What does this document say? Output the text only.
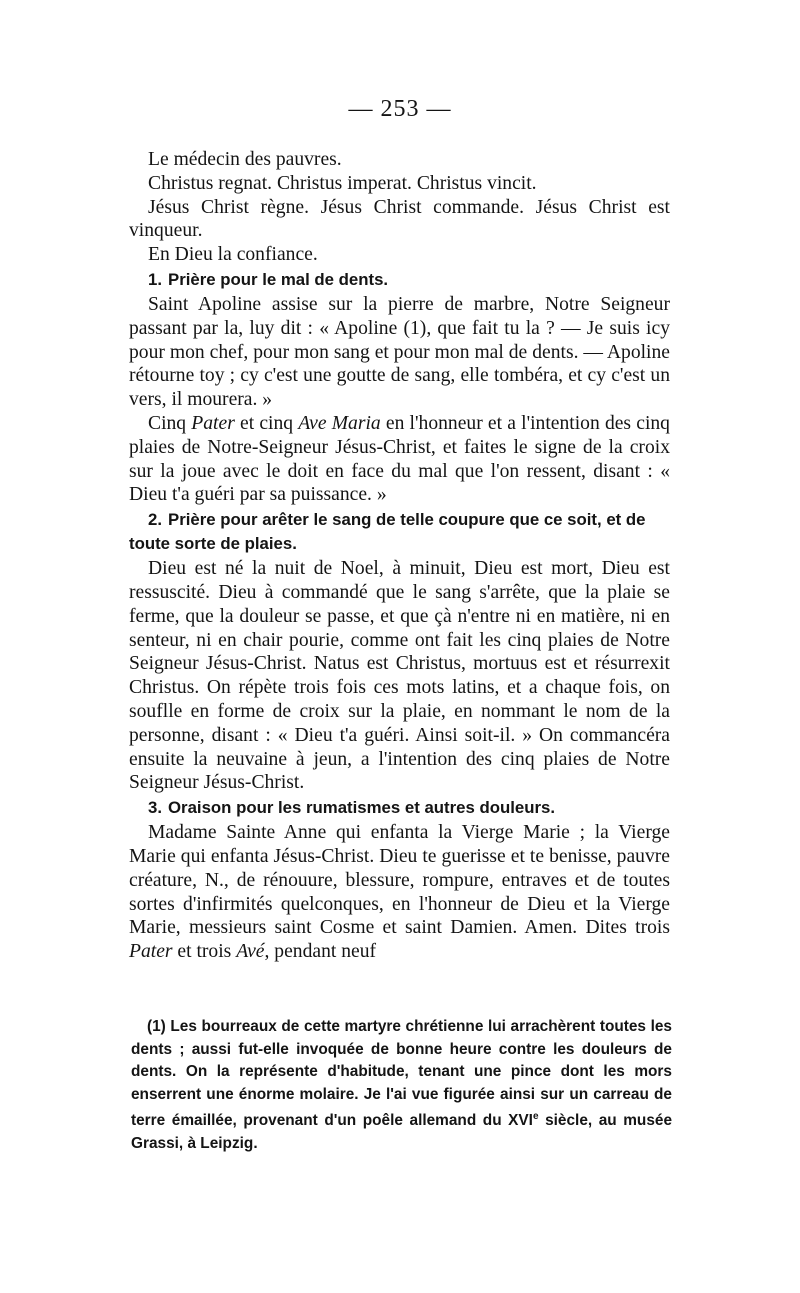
— 253 —

Le médecin des pauvres.

Christus regnat. Christus imperat. Christus vincit.

Jésus Christ règne. Jésus Christ commande. Jésus Christ est vinqueur.

En Dieu la confiance.

1. Prière pour le mal de dents.

Saint Apoline assise sur la pierre de marbre, Notre Seigneur passant par la, luy dit : « Apoline (1), que fait tu la ? — Je suis icy pour mon chef, pour mon sang et pour mon mal de dents. — Apoline rétourne toy ; cy c'est une goutte de sang, elle tombéra, et cy c'est un vers, il mourera. »

Cinq Pater et cinq Ave Maria en l'honneur et a l'intention des cinq plaies de Notre-Seigneur Jésus-Christ, et faites le signe de la croix sur la joue avec le doit en face du mal que l'on ressent, disant : « Dieu t'a guéri par sa puissance. »

2. Prière pour arêter le sang de telle coupure que ce soit, et de toute sorte de plaies.

Dieu est né la nuit de Noel, à minuit, Dieu est mort, Dieu est ressuscité. Dieu à commandé que le sang s'arrête, que la plaie se ferme, que la douleur se passe, et que çà n'entre ni en matière, ni en senteur, ni en chair pourie, comme ont fait les cinq plaies de Notre Seigneur Jésus-Christ. Natus est Christus, mortuus est et résurrexit Christus. On répète trois fois ces mots latins, et a chaque fois, on souflle en forme de croix sur la plaie, en nommant le nom de la personne, disant : « Dieu t'a guéri. Ainsi soit-il. » On commancéra ensuite la neuvaine à jeun, a l'intention des cinq plaies de Notre Seigneur Jésus-Christ.

3. Oraison pour les rumatismes et autres douleurs.

Madame Sainte Anne qui enfanta la Vierge Marie ; la Vierge Marie qui enfanta Jésus-Christ. Dieu te guerisse et te benisse, pauvre créature, N., de rénouure, blessure, rompure, entraves et de toutes sortes d'infirmités quelconques, en l'honneur de Dieu et la Vierge Marie, messieurs saint Cosme et saint Damien. Amen. Dites trois Pater et trois Avé, pendant neuf

(1) Les bourreaux de cette martyre chrétienne lui arrachèrent toutes les dents ; aussi fut-elle invoquée de bonne heure contre les douleurs de dents. On la représente d'habitude, tenant une pince dont les mors enserrent une énorme molaire. Je l'ai vue figurée ainsi sur un carreau de terre émaillée, provenant d'un poêle allemand du XVIe siècle, au musée Grassi, à Leipzig.
